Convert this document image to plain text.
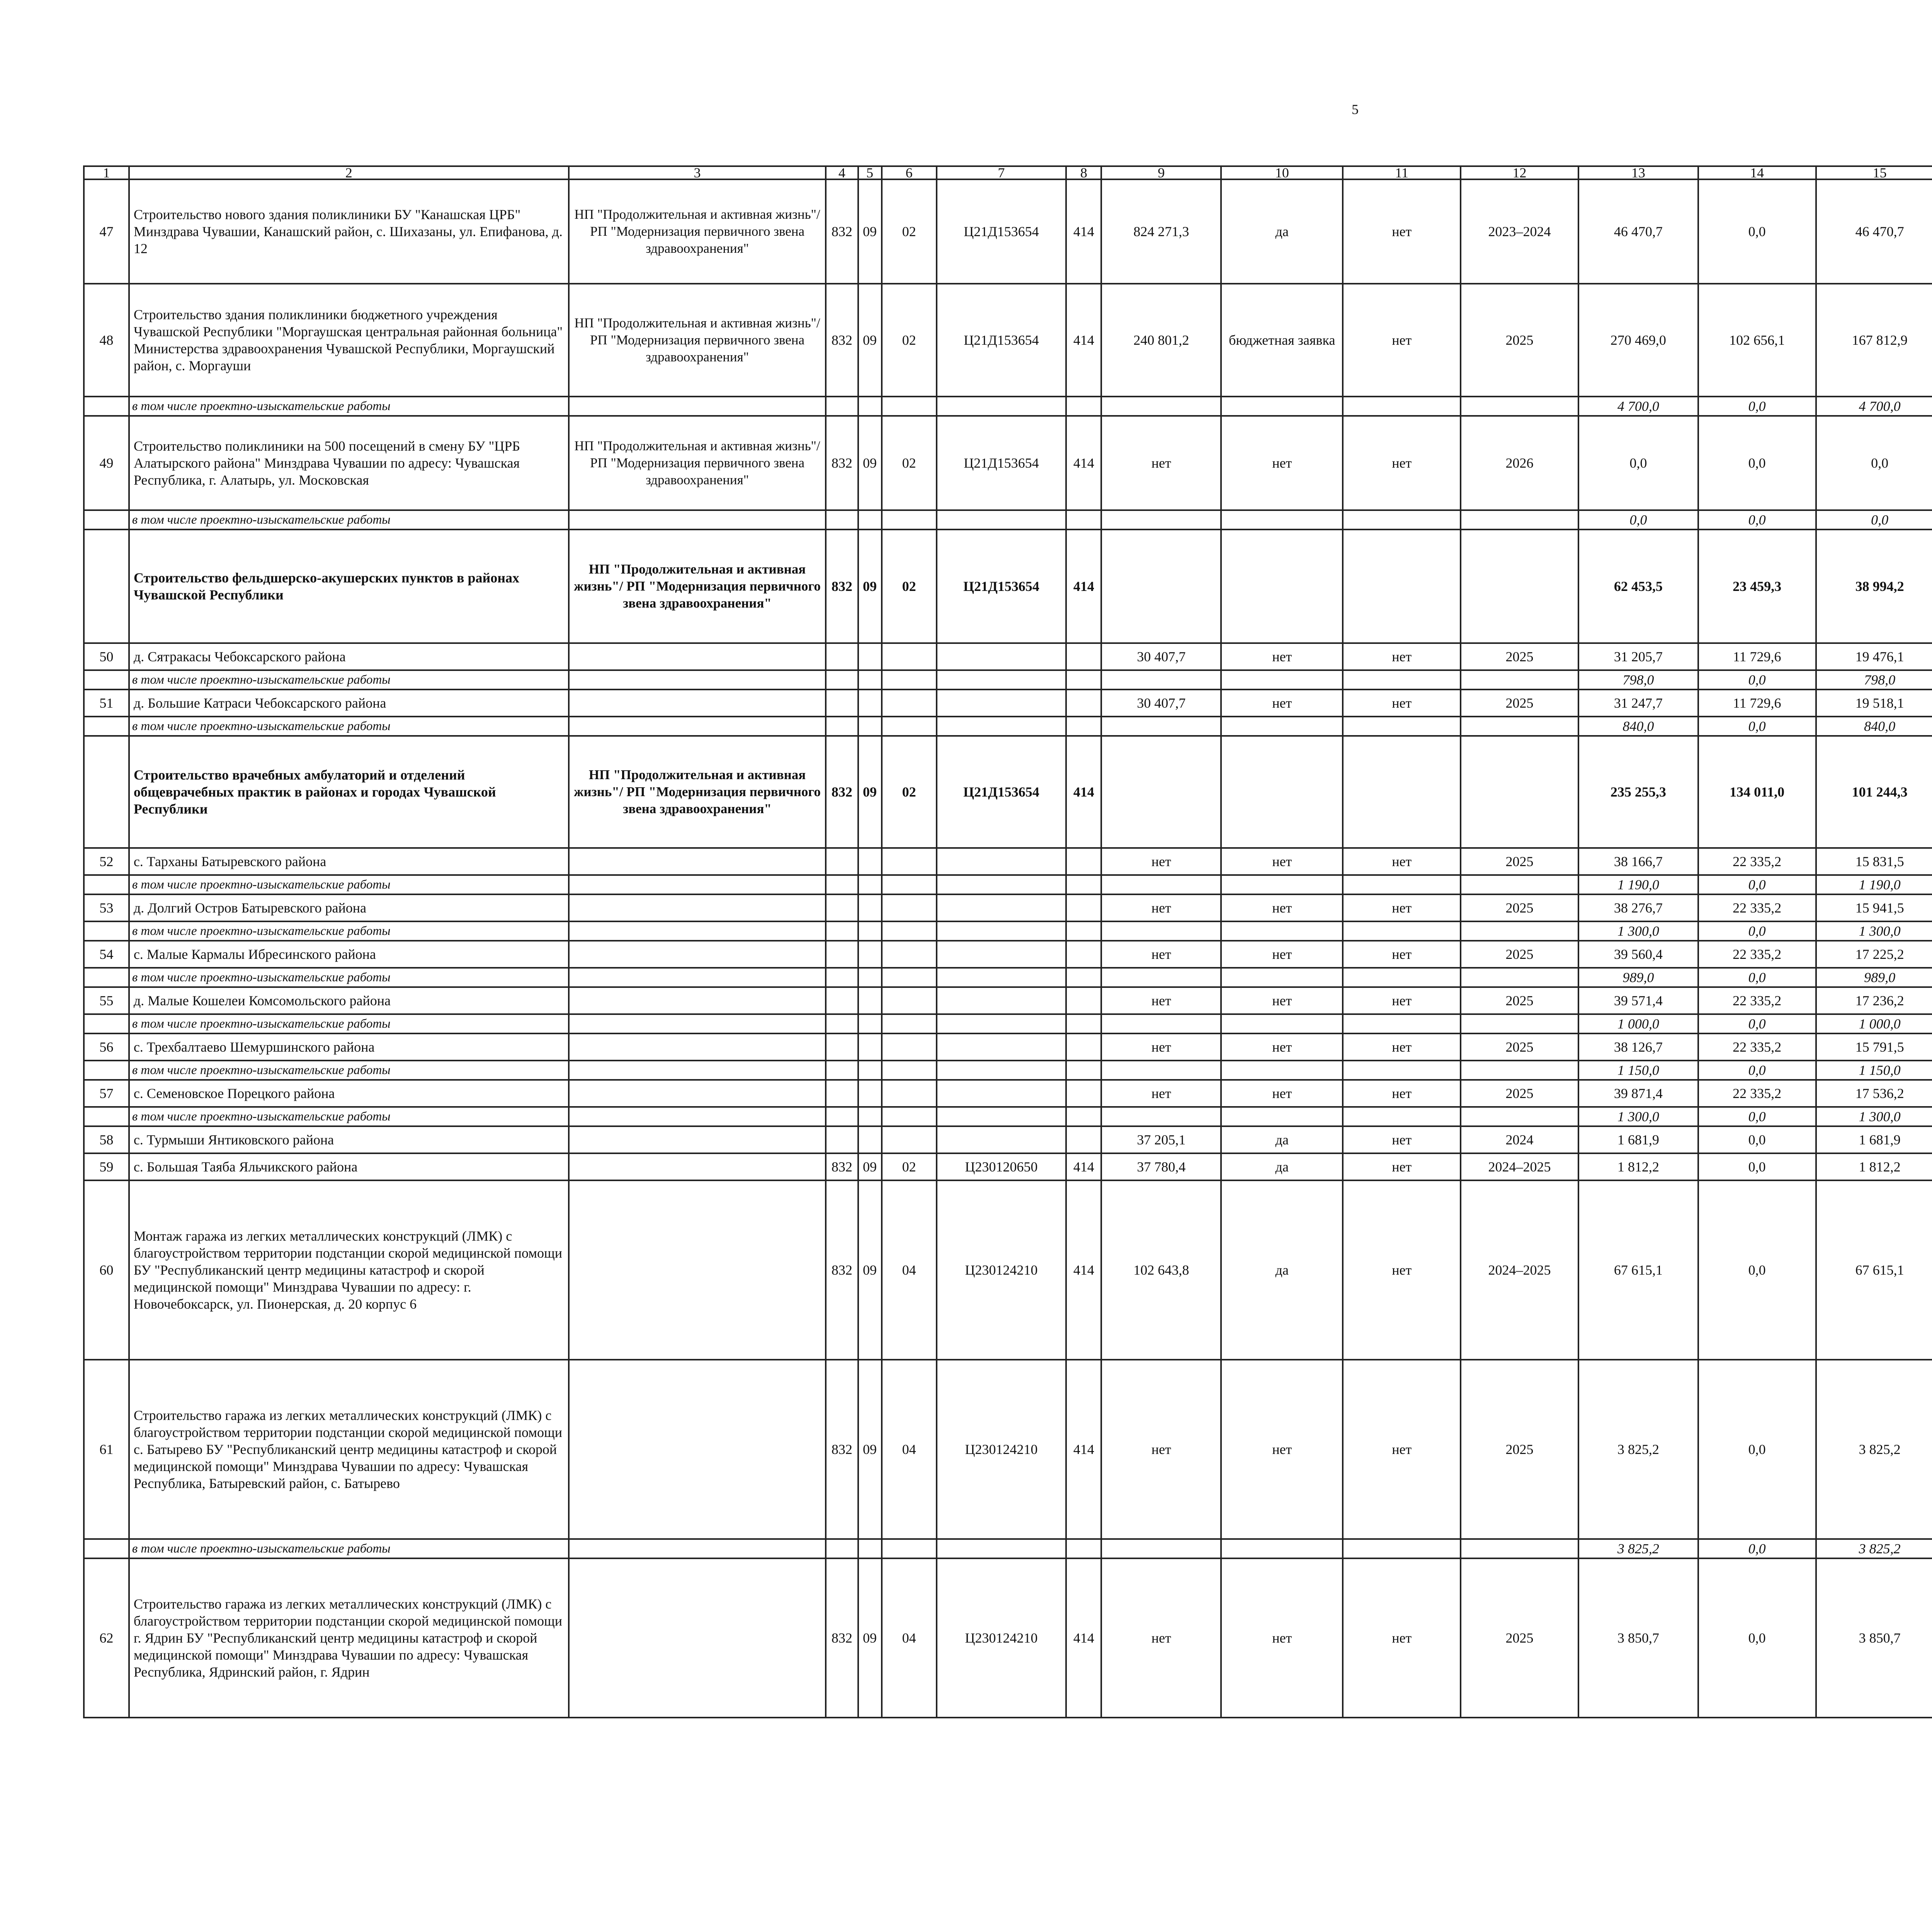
5
1	2	3	4	5	6	7	8	9	10	11	12	13	14	15						
47	Строительство нового здания поликлиники БУ "Канашская ЦРБ" Минздрава Чувашии, Канашский район, с. Шихазаны, ул. Епифанова, д. 12	НП "Продолжительная и активная жизнь"/ РП "Модернизация первичного звена здравоохранения"	832	09	02	Ц21Д153654	414	824 271,3	да	нет	2023–2024	46 470,7	0,0	46 470,7						
48	Строительство здания поликлиники бюджетного учреждения Чувашской Республики "Моргаушская центральная районная больница" Министерства здравоохранения Чувашской Республики, Моргаушский район, с. Моргауши	НП "Продолжительная и активная жизнь"/ РП "Модернизация первичного звена здравоохранения"	832	09	02	Ц21Д153654	414	240 801,2	бюджетная заявка	нет	2025	270 469,0	102 656,1	167 812,9						
	в том числе проектно-изыскательские работы											4 700,0	0,0	4 700,0						
49	Строительство поликлиники на 500 посещений в смену БУ "ЦРБ Алатырского района" Минздрава Чувашии по адресу: Чувашская Республика, г. Алатырь, ул. Московская	НП "Продолжительная и активная жизнь"/ РП "Модернизация первичного звена здравоохранения"	832	09	02	Ц21Д153654	414	нет	нет	нет	2026	0,0	0,0	0,0						
	в том числе проектно-изыскательские работы											0,0	0,0	0,0						
	Строительство фельдшерско-акушерских пунктов в районах Чувашской Республики	НП "Продолжительная и активная жизнь"/ РП "Модернизация первичного звена здравоохранения"	832	09	02	Ц21Д153654	414					62 453,5	23 459,3	38 994,2						
50	д. Сятракасы Чебоксарского района							30 407,7	нет	нет	2025	31 205,7	11 729,6	19 476,1						
	в том числе проектно-изыскательские работы											798,0	0,0	798,0						
51	д. Большие Катраси Чебоксарского района							30 407,7	нет	нет	2025	31 247,7	11 729,6	19 518,1						
	в том числе проектно-изыскательские работы											840,0	0,0	840,0						
	Строительство врачебных амбулаторий и отделений общеврачебных практик в районах и городах Чувашской Республики	НП "Продолжительная и активная жизнь"/ РП "Модернизация первичного звена здравоохранения"	832	09	02	Ц21Д153654	414					235 255,3	134 011,0	101 244,3						
52	с. Тарханы Батыревского района							нет	нет	нет	2025	38 166,7	22 335,2	15 831,5						
	в том числе проектно-изыскательские работы											1 190,0	0,0	1 190,0						
53	д. Долгий Остров Батыревского района							нет	нет	нет	2025	38 276,7	22 335,2	15 941,5						
	в том числе проектно-изыскательские работы											1 300,0	0,0	1 300,0						
54	с. Малые Кармалы Ибресинского района							нет	нет	нет	2025	39 560,4	22 335,2	17 225,2						
	в том числе проектно-изыскательские работы											989,0	0,0	989,0						
55	д. Малые Кошелеи Комсомольского района							нет	нет	нет	2025	39 571,4	22 335,2	17 236,2						
	в том числе проектно-изыскательские работы											1 000,0	0,0	1 000,0						
56	с. Трехбалтаево Шемуршинского района							нет	нет	нет	2025	38 126,7	22 335,2	15 791,5						
	в том числе проектно-изыскательские работы											1 150,0	0,0	1 150,0						
57	с. Семеновское Порецкого района							нет	нет	нет	2025	39 871,4	22 335,2	17 536,2						
	в том числе проектно-изыскательские работы											1 300,0	0,0	1 300,0						
58	с. Турмыши Янтиковского района							37 205,1	да	нет	2024	1 681,9	0,0	1 681,9						
59	с. Большая Таяба Яльчикского района		832	09	02	Ц230120650	414	37 780,4	да	нет	2024–2025	1 812,2	0,0	1 812,2						
60	Монтаж гаража из легких металлических конструкций (ЛМК) с благоустройством территории подстанции скорой медицинской помощи БУ "Республиканский центр медицины катастроф и скорой медицинской помощи" Минздрава Чувашии по адресу: г. Новочебоксарск, ул. Пионерская, д. 20 корпус 6		832	09	04	Ц230124210	414	102 643,8	да	нет	2024–2025	67 615,1	0,0	67 615,1						
61	Строительство гаража из легких металлических конструкций (ЛМК) с благоустройством территории подстанции скорой медицинской помощи с. Батырево БУ "Республиканский центр медицины катастроф и скорой медицинской помощи" Минздрава Чувашии по адресу: Чувашская Республика, Батыревский район, с. Батырево		832	09	04	Ц230124210	414	нет	нет	нет	2025	3 825,2	0,0	3 825,2						
	в том числе проектно-изыскательские работы											3 825,2	0,0	3 825,2						
62	Строительство гаража из легких металлических конструкций (ЛМК) с благоустройством территории подстанции скорой медицинской помощи г. Ядрин БУ "Республиканский центр медицины катастроф и скорой медицинской помощи" Минздрава Чувашии по адресу: Чувашская Республика, Ядринский район, г. Ядрин		832	09	04	Ц230124210	414	нет	нет	нет	2025	3 850,7	0,0	3 850,7						
